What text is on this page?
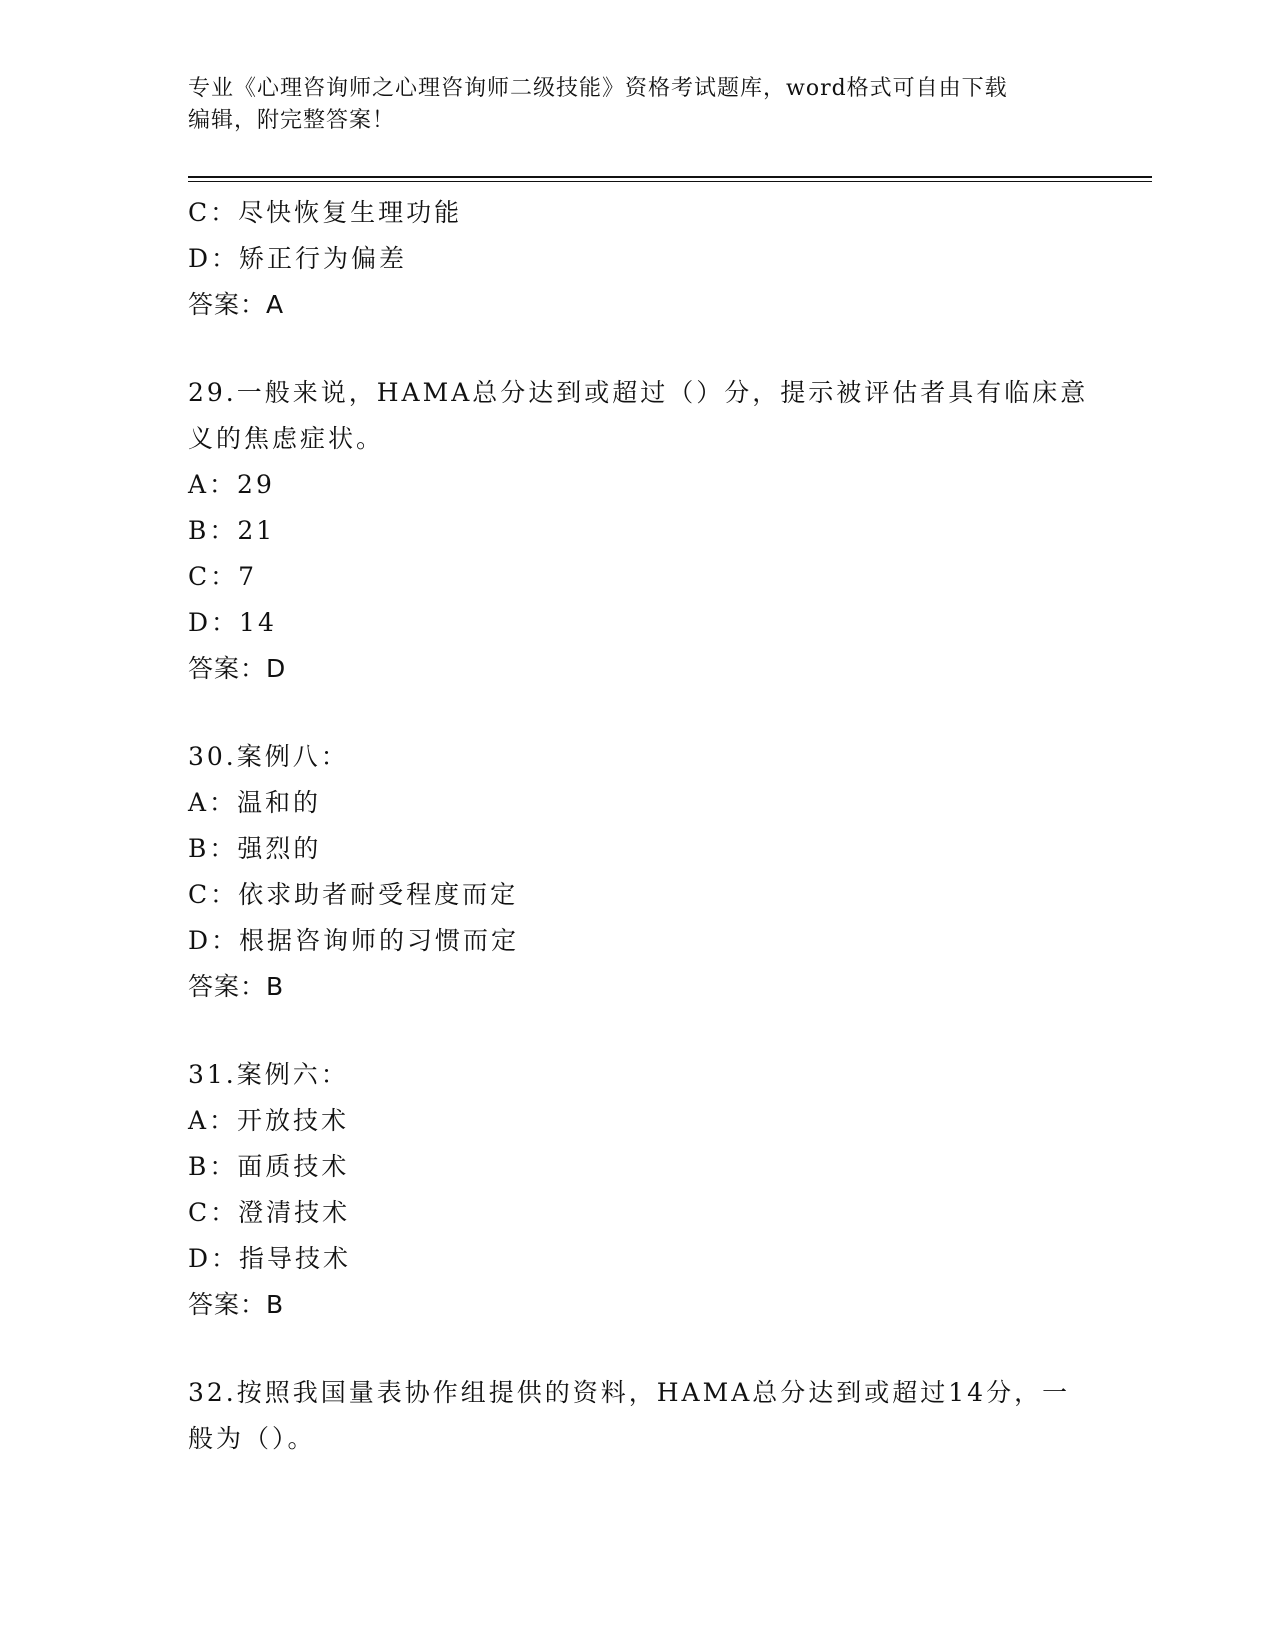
专业《心理咨询师之心理咨询师二级技能》资格考试题库，word格式可自由下载
编辑，附完整答案！
C：尽快恢复生理功能
D：矫正行为偏差
答案：A
29.一般来说，HAMA总分达到或超过（）分，提示被评估者具有临床意
义的焦虑症状。
A：29
B：21
C：7
D：14
答案：D
30.案例八：
A：温和的
B：强烈的
C：依求助者耐受程度而定
D：根据咨询师的习惯而定
答案：B
31.案例六：
A：开放技术
B：面质技术
C：澄清技术
D：指导技术
答案：B
32.按照我国量表协作组提供的资料，HAMA总分达到或超过14分，一
般为（）。
